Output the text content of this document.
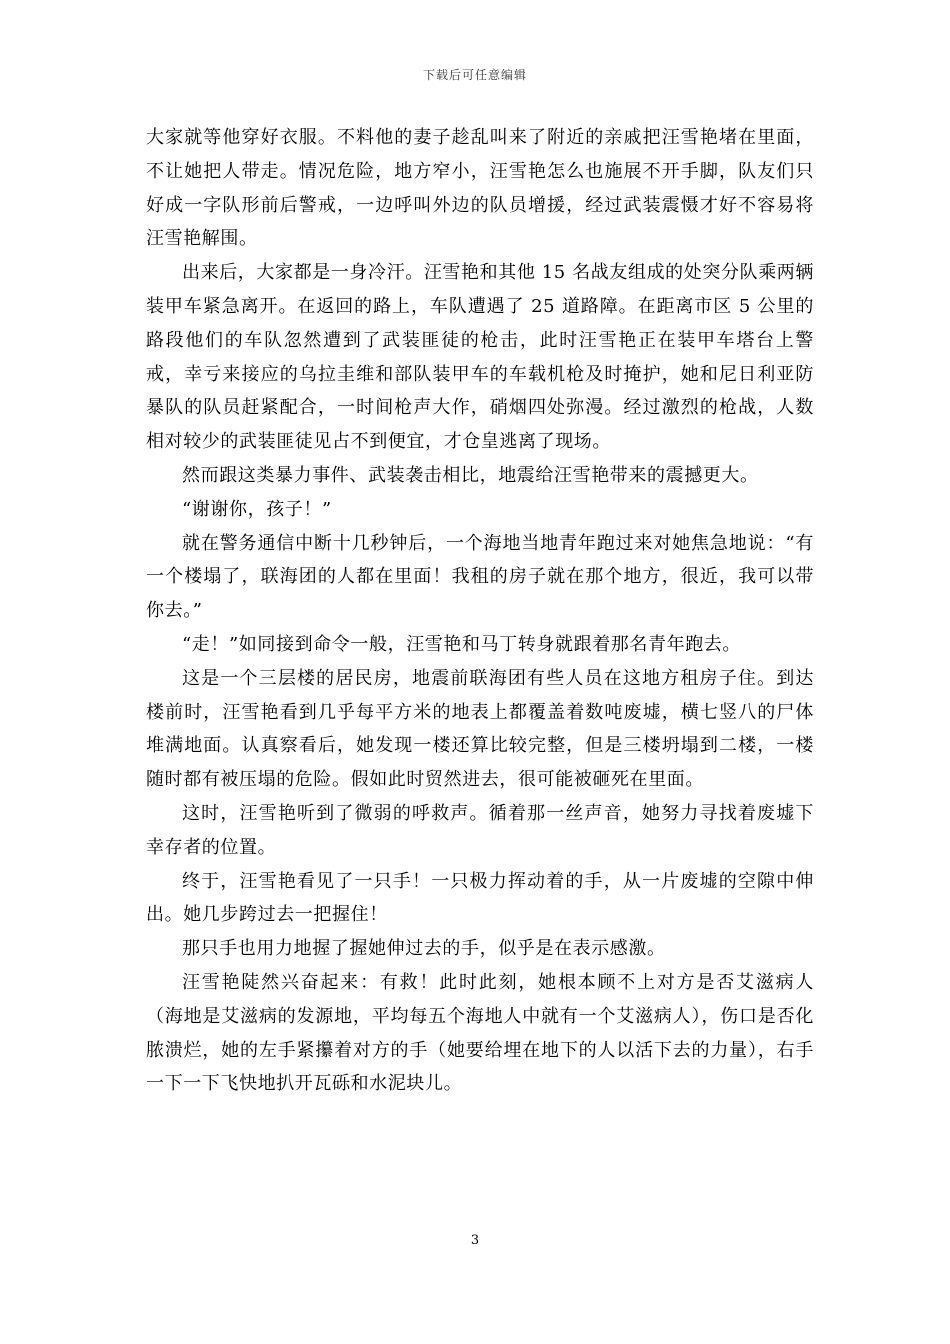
下载后可任意编辑

大家就等他穿好衣服。不料他的妻子趁乱叫来了附近的亲戚把汪雪艳堵在里面，不让她把人带走。情况危险，地方窄小，汪雪艳怎么也施展不开手脚，队友们只好成一字队形前后警戒，一边呼叫外边的队员增援，经过武装震慑才好不容易将汪雪艳解围。

出来后，大家都是一身冷汗。汪雪艳和其他 15 名战友组成的处突分队乘两辆装甲车紧急离开。在返回的路上，车队遭遇了 25 道路障。在距离市区 5 公里的路段他们的车队忽然遭到了武装匪徒的枪击，此时汪雪艳正在装甲车塔台上警戒，幸亏来接应的乌拉圭维和部队装甲车的车载机枪及时掩护，她和尼日利亚防暴队的队员赶紧配合，一时间枪声大作，硝烟四处弥漫。经过激烈的枪战，人数相对较少的武装匪徒见占不到便宜，才仓皇逃离了现场。

然而跟这类暴力事件、武装袭击相比，地震给汪雪艳带来的震撼更大。

“谢谢你，孩子！”

就在警务通信中断十几秒钟后，一个海地当地青年跑过来对她焦急地说：“有一个楼塌了，联海团的人都在里面！我租的房子就在那个地方，很近，我可以带你去。”

“走！”如同接到命令一般，汪雪艳和马丁转身就跟着那名青年跑去。

这是一个三层楼的居民房，地震前联海团有些人员在这地方租房子住。到达楼前时，汪雪艳看到几乎每平方米的地表上都覆盖着数吨废墟，横七竖八的尸体堆满地面。认真察看后，她发现一楼还算比较完整，但是三楼坍塌到二楼，一楼随时都有被压塌的危险。假如此时贸然进去，很可能被砸死在里面。

这时，汪雪艳听到了微弱的呼救声。循着那一丝声音，她努力寻找着废墟下幸存者的位置。

终于，汪雪艳看见了一只手！一只极力挥动着的手，从一片废墟的空隙中伸出。她几步跨过去一把握住！

那只手也用力地握了握她伸过去的手，似乎是在表示感激。

汪雪艳陡然兴奋起来：有救！此时此刻，她根本顾不上对方是否艾滋病人（海地是艾滋病的发源地，平均每五个海地人中就有一个艾滋病人），伤口是否化脓溃烂，她的左手紧攥着对方的手（她要给埋在地下的人以活下去的力量），右手一下一下飞快地扒开瓦砾和水泥块儿。

3
